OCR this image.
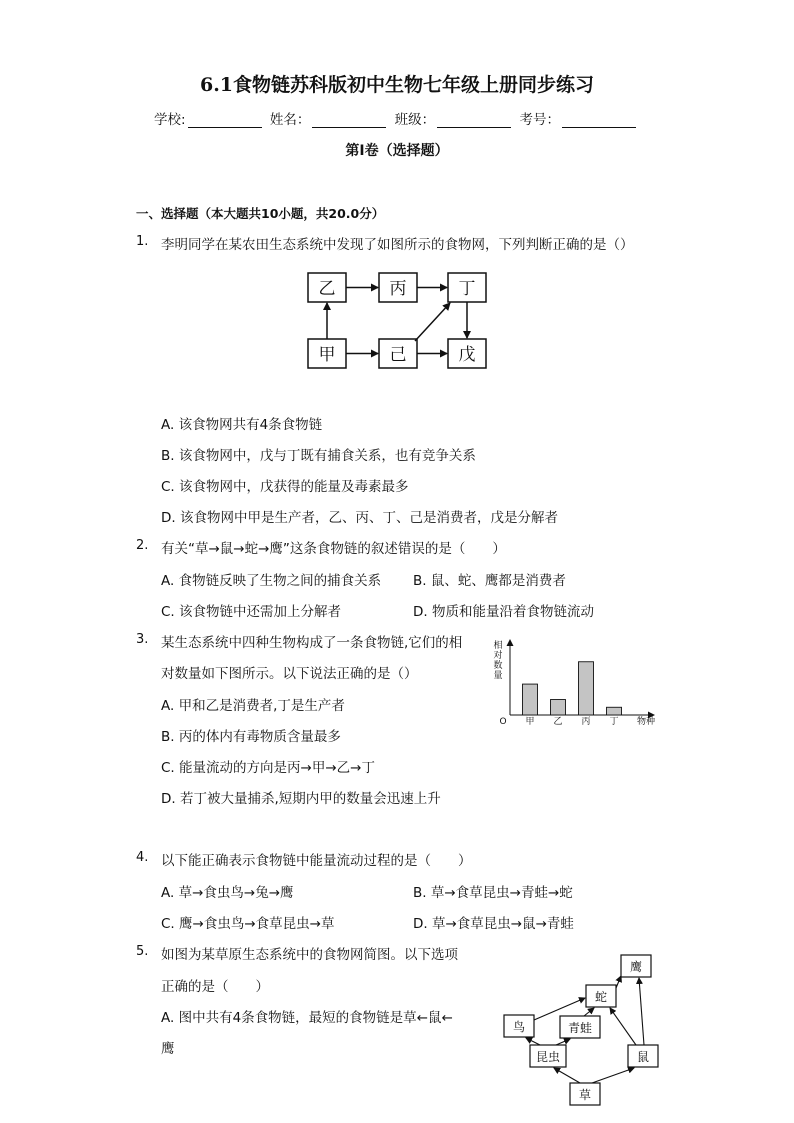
6.1食物链苏科版初中生物七年级上册同步练习
学校:	姓名：	班级：	考号：
第I卷（选择题）
一、选择题（本大题共10小题，共20.0分）
1. 李明同学在某农田生态系统中发现了如图所示的食物网，下列判断正确的是（）
乙	丙	丁
甲	己	戊
A. 该食物网共有4条食物链
B. 该食物网中，戊与丁既有捕食关系，也有竞争关系
C. 该食物网中，戊获得的能量及毒素最多
D. 该食物网中甲是生产者，乙、丙、丁、己是消费者，戊是分解者
2. 有关“草→鼠→蛇→鹰”这条食物链的叙述错误的是（　　）
A. 食物链反映了生物之间的捕食关系 B. 鼠、蛇、鹰都是消费者
C. 该食物链中还需加上分解者	D. 物质和能量沿着食物链流动
3. 某生态系统中四种生物构成了一条食物链,它们的相
对数量如下图所示。以下说法正确的是（）
A. 甲和乙是消费者,丁是生产者
B. 丙的体内有毒物质含量最多
C. 能量流动的方向是丙→甲→乙→丁
D. 若丁被大量捕杀,短期内甲的数量会迅速上升
相
对
数
量
O 甲 乙 丙 丁 物种
4. 以下能正确表示食物链中能量流动过程的是（　　）
A. 草→食虫鸟→兔→鹰	B. 草→食草昆虫→青蛙→蛇
C. 鹰→食虫鸟→食草昆虫→草	D. 草→食草昆虫→鼠→青蛙
5. 如图为某草原生态系统中的食物网简图。以下选项
正确的是（　　）
A. 图中共有4条食物链，最短的食物链是草←鼠←
鹰
鹰
蛇
鸟	青蛙
昆虫	鼠
草
